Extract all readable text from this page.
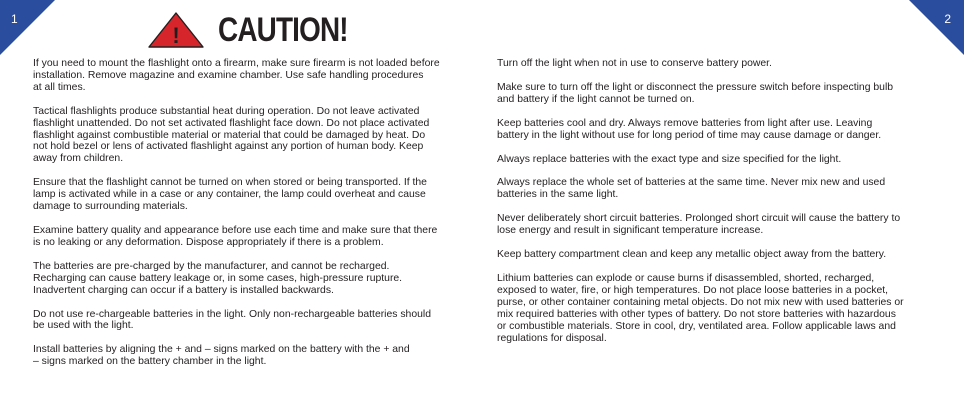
1	2
! CAUTION!

If you need to mount the flashlight onto a firearm, make sure firearm is not loaded before
installation. Remove magazine and examine chamber. Use safe handling procedures
at all times.

Tactical flashlights produce substantial heat during operation. Do not leave activated
flashlight unattended. Do not set activated flashlight face down. Do not place activated
flashlight against combustible material or material that could be damaged by heat. Do
not hold bezel or lens of activated flashlight against any portion of human body. Keep
away from children.

Ensure that the flashlight cannot be turned on when stored or being transported. If the
lamp is activated while in a case or any container, the lamp could overheat and cause
damage to surrounding materials.

Examine battery quality and appearance before use each time and make sure that there
is no leaking or any deformation. Dispose appropriately if there is a problem.

The batteries are pre-charged by the manufacturer, and cannot be recharged.
Recharging can cause battery leakage or, in some cases, high-pressure rupture.
Inadvertent charging can occur if a battery is installed backwards.

Do not use re-chargeable batteries in the light. Only non-rechargeable batteries should
be used with the light.

Install batteries by aligning the + and – signs marked on the battery with the + and
– signs marked on the battery chamber in the light.

Turn off the light when not in use to conserve battery power.

Make sure to turn off the light or disconnect the pressure switch before inspecting bulb
and battery if the light cannot be turned on.

Keep batteries cool and dry. Always remove batteries from light after use. Leaving
battery in the light without use for long period of time may cause damage or danger.

Always replace batteries with the exact type and size specified for the light.

Always replace the whole set of batteries at the same time. Never mix new and used
batteries in the same light.

Never deliberately short circuit batteries. Prolonged short circuit will cause the battery to
lose energy and result in significant temperature increase.

Keep battery compartment clean and keep any metallic object away from the battery.

Lithium batteries can explode or cause burns if disassembled, shorted, recharged,
exposed to water, fire, or high temperatures. Do not place loose batteries in a pocket,
purse, or other container containing metal objects. Do not mix new with used batteries or
mix required batteries with other types of battery. Do not store batteries with hazardous
or combustible materials. Store in cool, dry, ventilated area. Follow applicable laws and
regulations for disposal.
